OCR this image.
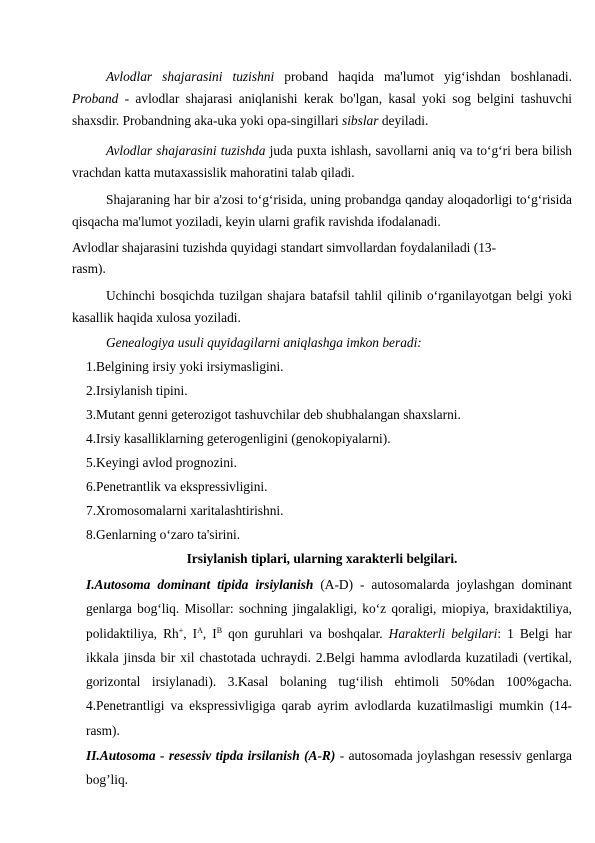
Avlodlar shajarasini tuzishni proband haqida ma'lumot yig‘ishdan boshlanadi. Proband - avlodlar shajarasi aniqlanishi kerak bo'lgan, kasal yoki sog belgini tashuvchi shaxsdir. Probandning aka-uka yoki opa-singillari sibslar deyiladi.
Avlodlar shajarasini tuzishda juda puxta ishlash, savollarni aniq va to‘g‘ri bera bilish vrachdan katta mutaxassislik mahoratini talab qiladi.
Shajaraning har bir a'zosi to‘g‘risida, uning probandga qanday aloqadorligi to‘g‘risida qisqacha ma'lumot yoziladi, keyin ularni grafik ravishda ifodalanadi.
Avlodlar shajarasini tuzishda quyidagi standart simvollardan foydalaniladi (13-
rasm).
Uchinchi bosqichda tuzilgan shajara batafsil tahlil qilinib o‘rganilayotgan belgi yoki kasallik haqida xulosa yoziladi.
Genealogiya usuli quyidagilarni aniqlashga imkon beradi:
1.Belgining irsiy yoki irsiymasligini.
2.Irsiylanish tipini.
3.Mutant genni geterozigot tashuvchilar deb shubhalangan shaxslarni.
4.Irsiy kasalliklarning geterogenligini (genokopiyalarni).
5.Keyingi avlod prognozini.
6.Penetrantlik va ekspressivligini.
7.Xromosomalarni xaritalashtirishni.
8.Genlarning o‘zaro ta'sirini.
Irsiylanish tiplari, ularning xarakterli belgilari.
I.Autosoma dominant tipida irsiylanish (A-D) - autosomalarda joylashgan dominant genlarga bog‘liq. Misollar: sochning jingalakligi, ko‘z qoraligi, miopiya, braxidaktiliya, polidaktiliya, Rh+, $I^A$, $I^B$ qon guruhlari va boshqalar. Harakterli belgilari: 1 Belgi har ikkala jinsda bir xil chastotada uchraydi. 2.Belgi hamma avlodlarda kuzatiladi (vertikal, gorizontal irsiylanadi). 3.Kasal bolaning tug‘ilish ehtimoli 50%dan 100%gacha. 4.Penetrantligi va ekspressivligiga qarab ayrim avlodlarda kuzatilmasligi mumkin (14-rasm).
II.Autosoma - resessiv tipda irsilanish (A-R) - autosomada joylashgan resessiv genlarga bog’liq.
